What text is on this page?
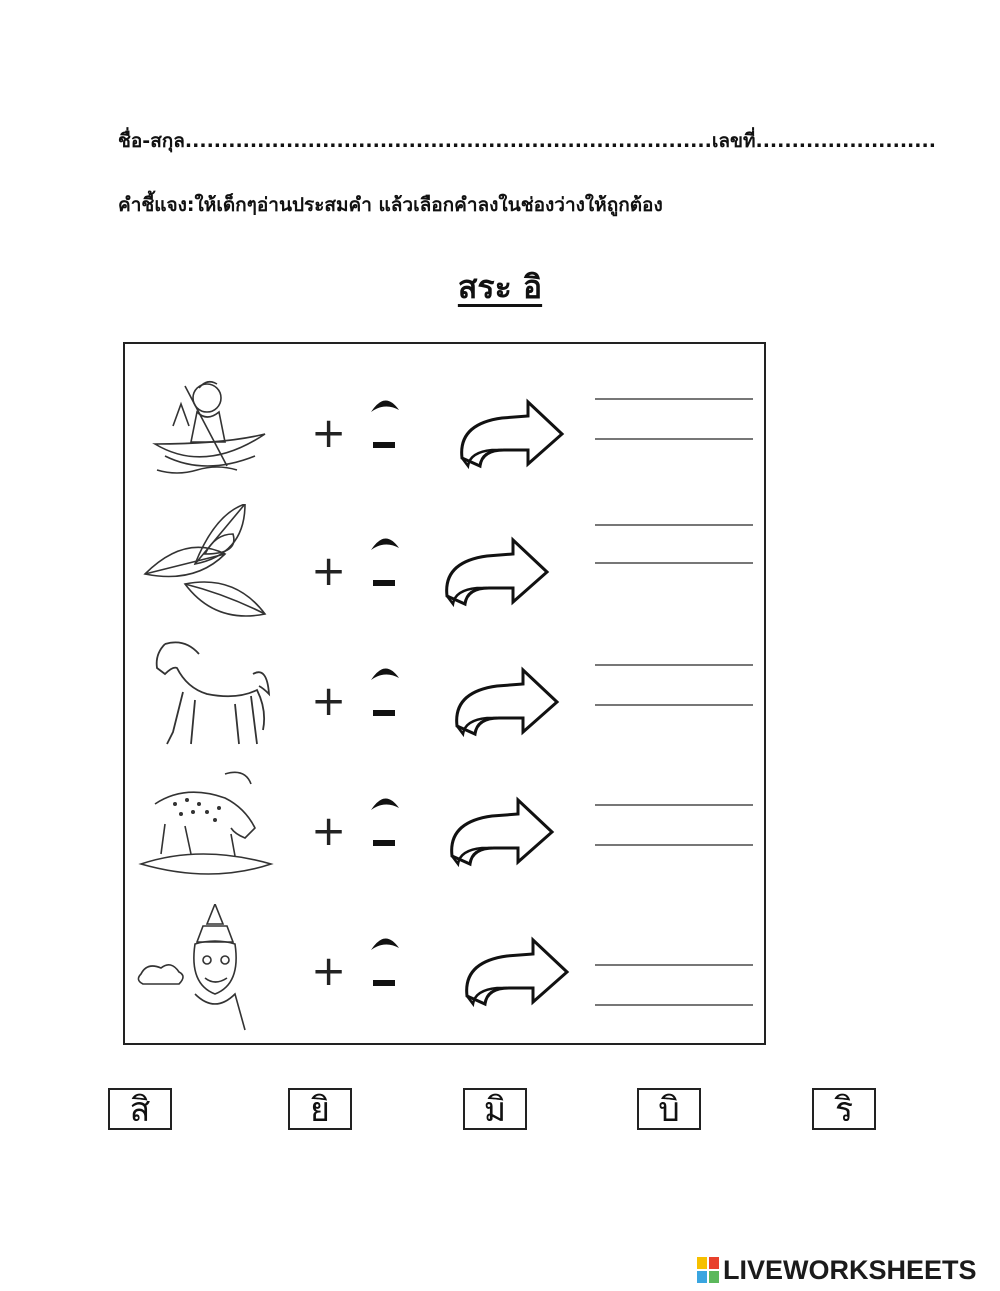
ชื่อ-สกุล.........................................................................เลขที่.........................
คำชี้แจง:ให้เด็กๆอ่านประสมคำ แล้วเลือกคำลงในช่องว่างให้ถูกต้อง
สระ อิ
+
+
+
+
+
สิ	ยิ	มิ	บิ	ริ
LIVEWORKSHEETS
